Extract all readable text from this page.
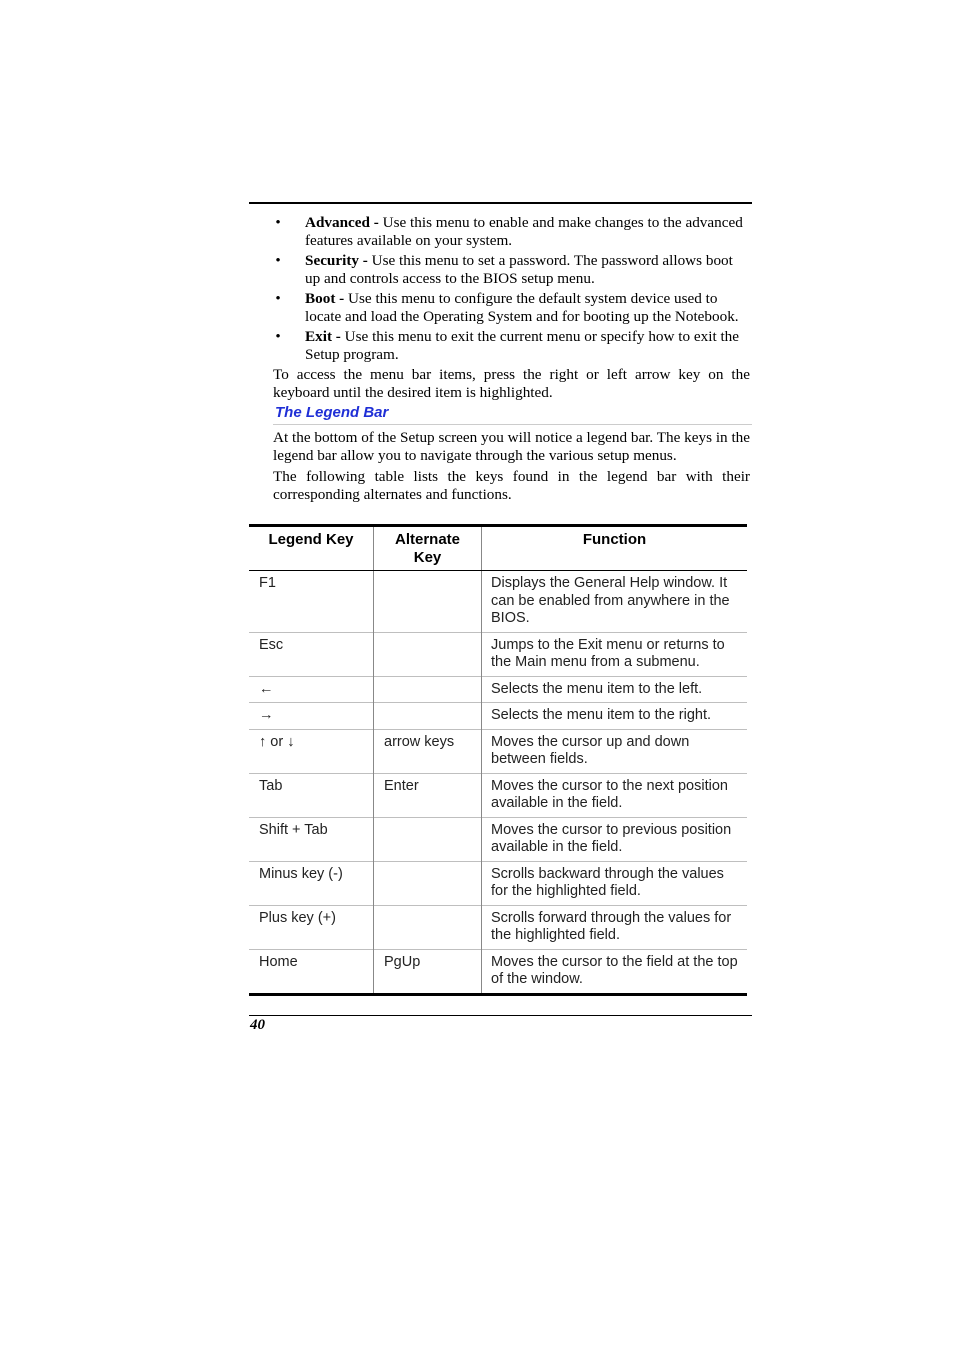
• Advanced - Use this menu to enable and make changes to the advanced features available on your system.
• Security - Use this menu to set a password. The password allows boot up and controls access to the BIOS setup menu.
• Boot - Use this menu to configure the default system device used to locate and load the Operating System and for booting up the Notebook.
• Exit - Use this menu to exit the current menu or specify how to exit the Setup program.

To access the menu bar items, press the right or left arrow key on the keyboard until the desired item is highlighted.

The Legend Bar

At the bottom of the Setup screen you will notice a legend bar. The keys in the legend bar allow you to navigate through the various setup menus.

The following table lists the keys found in the legend bar with their corresponding alternates and functions.

Legend Key	Alternate Key	Function
F1		Displays the General Help window. It can be enabled from anywhere in the BIOS.
Esc		Jumps to the Exit menu or returns to the Main menu from a submenu.
←		Selects the menu item to the left.
→		Selects the menu item to the right.
↑ or ↓	arrow keys	Moves the cursor up and down between fields.
Tab	Enter	Moves the cursor to the next position available in the field.
Shift + Tab		Moves the cursor to previous position available in the field.
Minus key (-)		Scrolls backward through the values for the highlighted field.
Plus key (+)		Scrolls forward through the values for the highlighted field.
Home	PgUp	Moves the cursor to the field at the top of the window.
40
